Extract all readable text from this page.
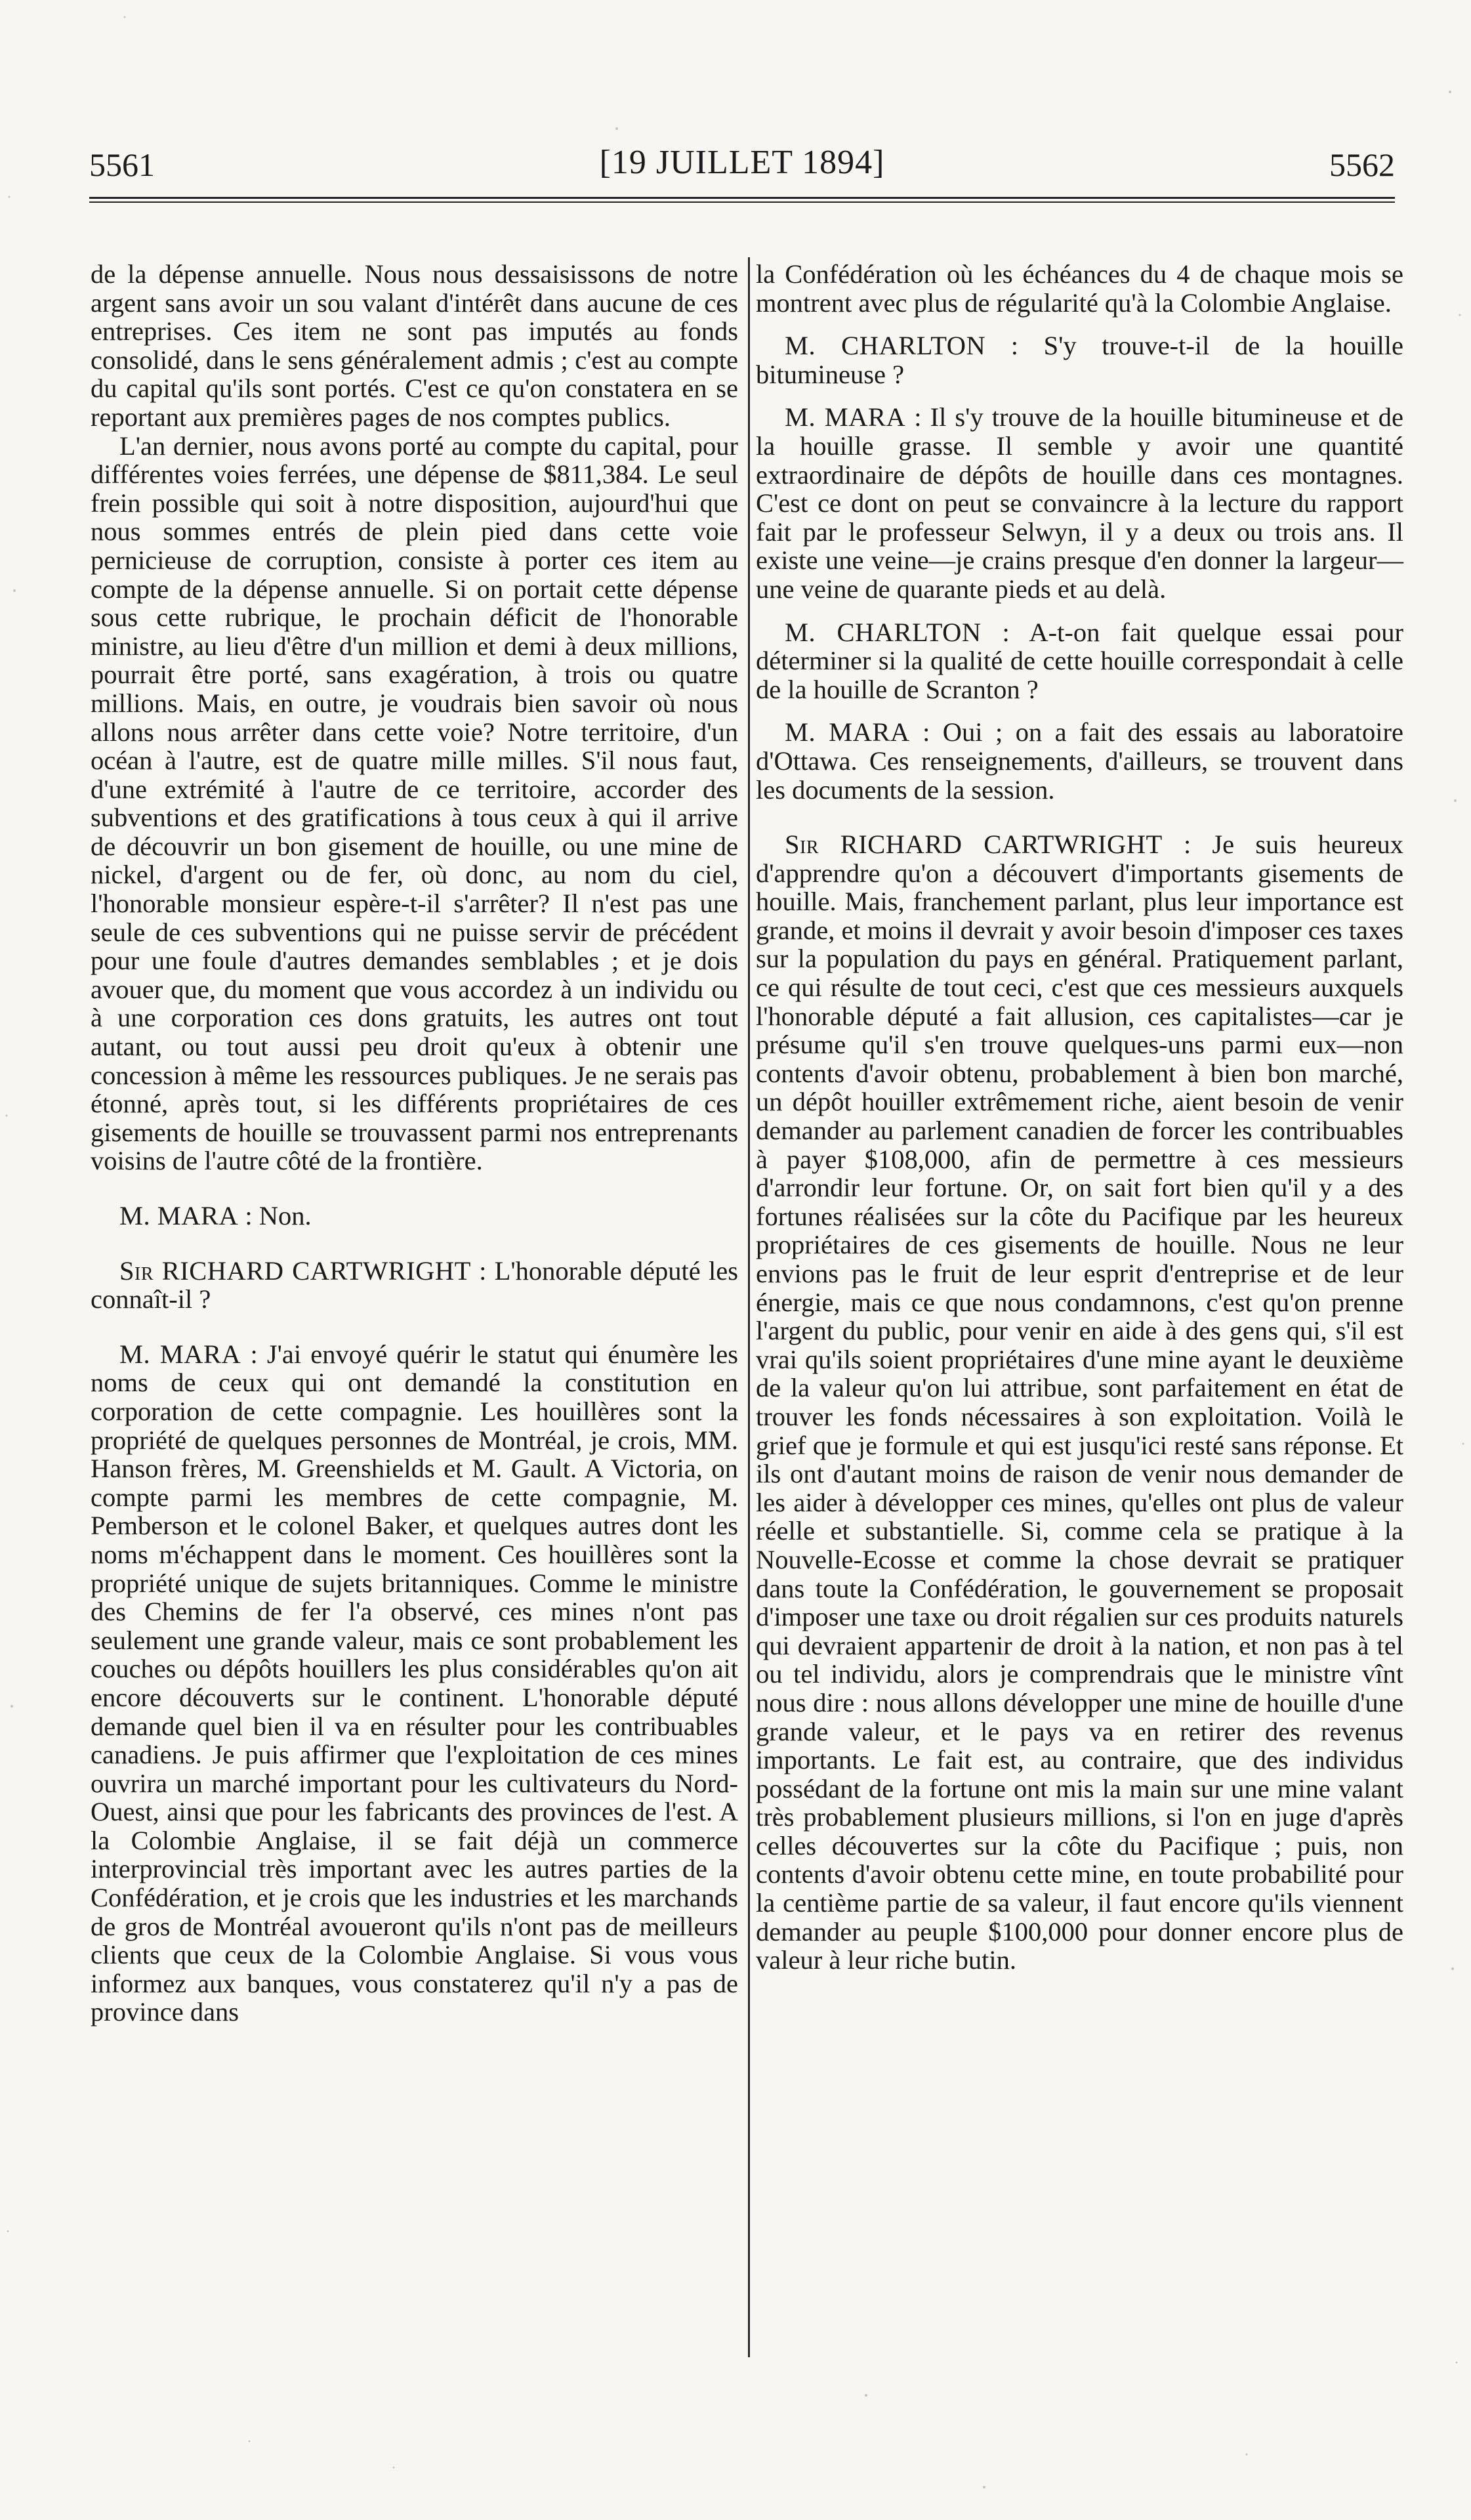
5561	[19 JUILLET 1894]	5562

de la dépense annuelle. Nous nous dessaisissons de notre argent sans avoir un sou valant d'intérêt dans aucune de ces entreprises. Ces item ne sont pas imputés au fonds consolidé, dans le sens généralement admis ; c'est au compte du capital qu'ils sont portés. C'est ce qu'on constatera en se reportant aux premières pages de nos comptes publics.

L'an dernier, nous avons porté au compte du capital, pour différentes voies ferrées, une dépense de $811,384. Le seul frein possible qui soit à notre disposition, aujourd'hui que nous sommes entrés de plein pied dans cette voie pernicieuse de corruption, consiste à porter ces item au compte de la dépense annuelle. Si on portait cette dépense sous cette rubrique, le prochain déficit de l'honorable ministre, au lieu d'être d'un million et demi à deux millions, pourrait être porté, sans exagération, à trois ou quatre millions. Mais, en outre, je voudrais bien savoir où nous allons nous arrêter dans cette voie? Notre territoire, d'un océan à l'autre, est de quatre mille milles. S'il nous faut, d'une extrémité à l'autre de ce territoire, accorder des subventions et des gratifications à tous ceux à qui il arrive de découvrir un bon gisement de houille, ou une mine de nickel, d'argent ou de fer, où donc, au nom du ciel, l'honorable monsieur espère-t-il s'arrêter? Il n'est pas une seule de ces subventions qui ne puisse servir de précédent pour une foule d'autres demandes semblables ; et je dois avouer que, du moment que vous accordez à un individu ou à une corporation ces dons gratuits, les autres ont tout autant, ou tout aussi peu droit qu'eux à obtenir une concession à même les ressources publiques. Je ne serais pas étonné, après tout, si les différents propriétaires de ces gisements de houille se trouvassent parmi nos entreprenants voisins de l'autre côté de la frontière.

M. MARA : Non.

Sir RICHARD CARTWRIGHT : L'honorable député les connaît-il ?

M. MARA : J'ai envoyé quérir le statut qui énumère les noms de ceux qui ont demandé la constitution en corporation de cette compagnie. Les houillères sont la propriété de quelques personnes de Montréal, je crois, MM. Hanson frères, M. Greenshields et M. Gault. A Victoria, on compte parmi les membres de cette compagnie, M. Pemberson et le colonel Baker, et quelques autres dont les noms m'échappent dans le moment. Ces houillères sont la propriété unique de sujets britanniques. Comme le ministre des Chemins de fer l'a observé, ces mines n'ont pas seulement une grande valeur, mais ce sont probablement les couches ou dépôts houillers les plus considérables qu'on ait encore découverts sur le continent. L'honorable député demande quel bien il va en résulter pour les contribuables canadiens. Je puis affirmer que l'exploitation de ces mines ouvrira un marché important pour les cultivateurs du Nord-Ouest, ainsi que pour les fabricants des provinces de l'est. A la Colombie Anglaise, il se fait déjà un commerce interprovincial très important avec les autres parties de la Confédération, et je crois que les industries et les marchands de gros de Montréal avoueront qu'ils n'ont pas de meilleurs clients que ceux de la Colombie Anglaise. Si vous vous informez aux banques, vous constaterez qu'il n'y a pas de province dans

la Confédération où les échéances du 4 de chaque mois se montrent avec plus de régularité qu'à la Colombie Anglaise.

M. CHARLTON : S'y trouve-t-il de la houille bitumineuse ?

M. MARA : Il s'y trouve de la houille bitumineuse et de la houille grasse. Il semble y avoir une quantité extraordinaire de dépôts de houille dans ces montagnes. C'est ce dont on peut se convaincre à la lecture du rapport fait par le professeur Selwyn, il y a deux ou trois ans. Il existe une veine—je crains presque d'en donner la largeur—une veine de quarante pieds et au delà.

M. CHARLTON : A-t-on fait quelque essai pour déterminer si la qualité de cette houille correspondait à celle de la houille de Scranton ?

M. MARA : Oui ; on a fait des essais au laboratoire d'Ottawa. Ces renseignements, d'ailleurs, se trouvent dans les documents de la session.

Sir RICHARD CARTWRIGHT : Je suis heureux d'apprendre qu'on a découvert d'importants gisements de houille. Mais, franchement parlant, plus leur importance est grande, et moins il devrait y avoir besoin d'imposer ces taxes sur la population du pays en général. Pratiquement parlant, ce qui résulte de tout ceci, c'est que ces messieurs auxquels l'honorable député a fait allusion, ces capitalistes—car je présume qu'il s'en trouve quelques-uns parmi eux—non contents d'avoir obtenu, probablement à bien bon marché, un dépôt houiller extrêmement riche, aient besoin de venir demander au parlement canadien de forcer les contribuables à payer $108,000, afin de permettre à ces messieurs d'arrondir leur fortune. Or, on sait fort bien qu'il y a des fortunes réalisées sur la côte du Pacifique par les heureux propriétaires de ces gisements de houille. Nous ne leur envions pas le fruit de leur esprit d'entreprise et de leur énergie, mais ce que nous condamnons, c'est qu'on prenne l'argent du public, pour venir en aide à des gens qui, s'il est vrai qu'ils soient propriétaires d'une mine ayant le deuxième de la valeur qu'on lui attribue, sont parfaitement en état de trouver les fonds nécessaires à son exploitation. Voilà le grief que je formule et qui est jusqu'ici resté sans réponse. Et ils ont d'autant moins de raison de venir nous demander de les aider à développer ces mines, qu'elles ont plus de valeur réelle et substantielle. Si, comme cela se pratique à la Nouvelle-Ecosse et comme la chose devrait se pratiquer dans toute la Confédération, le gouvernement se proposait d'imposer une taxe ou droit régalien sur ces produits naturels qui devraient appartenir de droit à la nation, et non pas à tel ou tel individu, alors je comprendrais que le ministre vînt nous dire : nous allons développer une mine de houille d'une grande valeur, et le pays va en retirer des revenus importants. Le fait est, au contraire, que des individus possédant de la fortune ont mis la main sur une mine valant très probablement plusieurs millions, si l'on en juge d'après celles découvertes sur la côte du Pacifique ; puis, non contents d'avoir obtenu cette mine, en toute probabilité pour la centième partie de sa valeur, il faut encore qu'ils viennent demander au peuple $100,000 pour donner encore plus de valeur à leur riche butin.
